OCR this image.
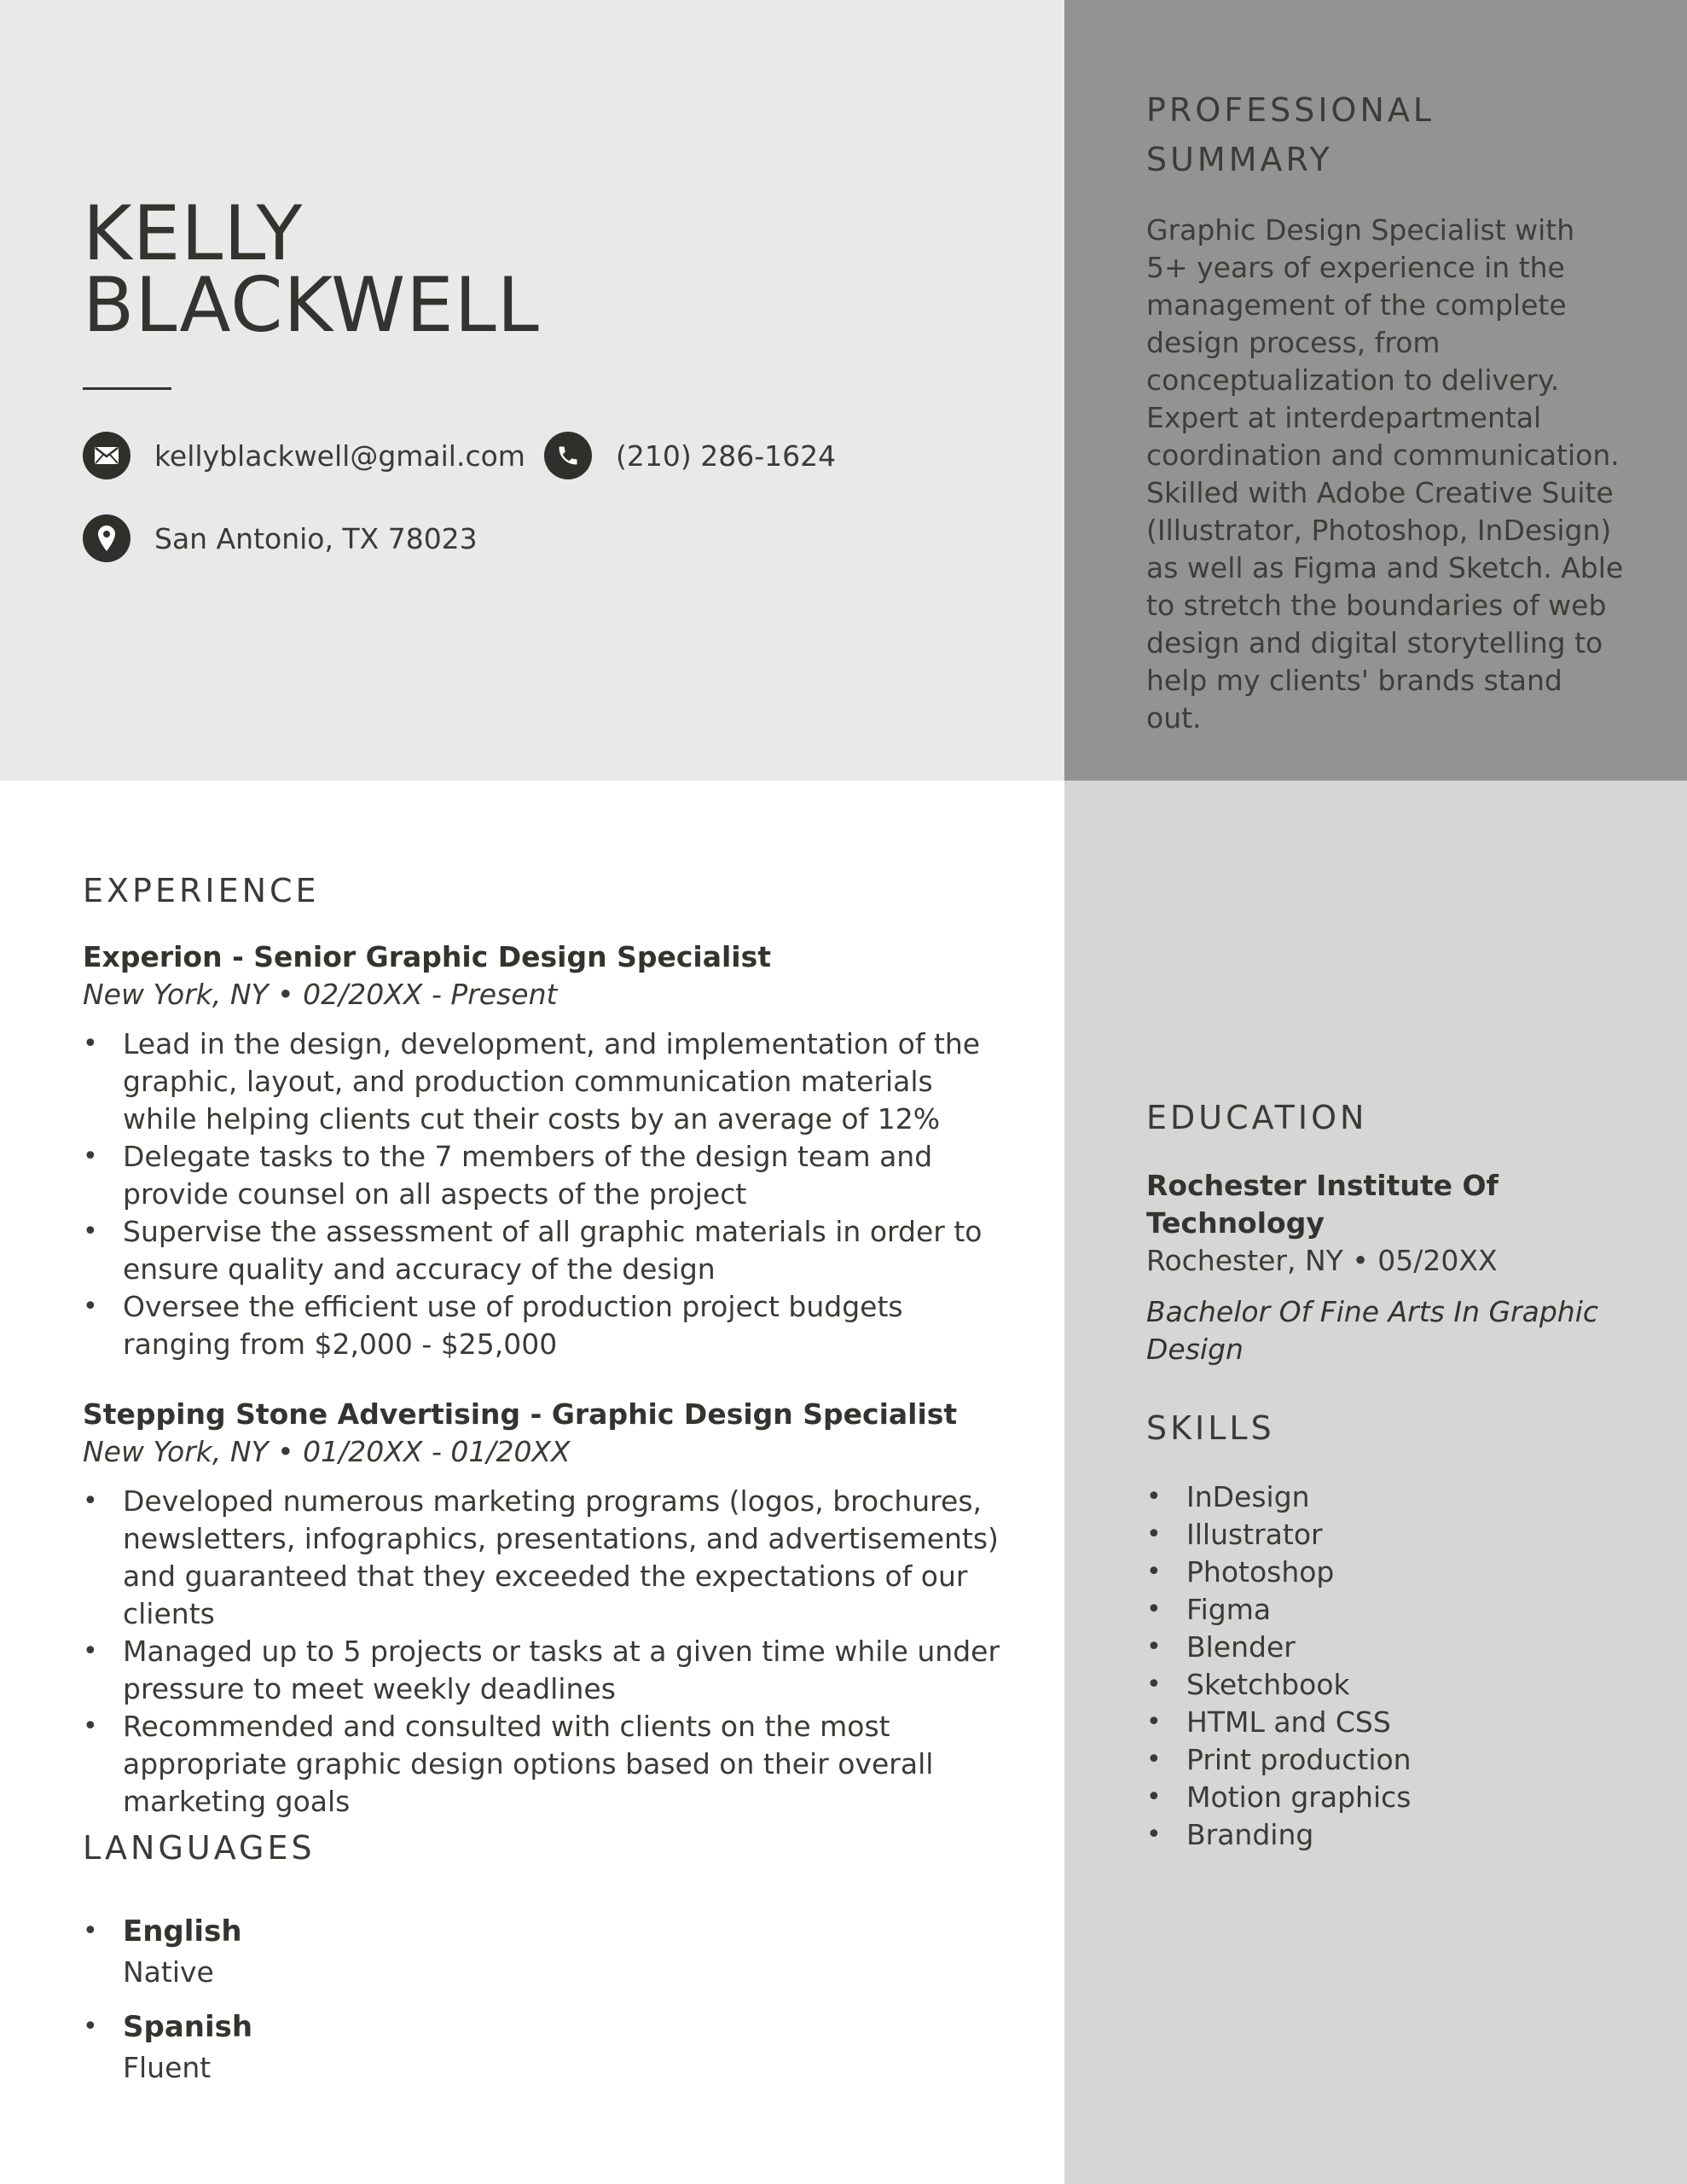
KELLY
BLACKWELL
kellyblackwell@gmail.com	(210) 286-1624
San Antonio, TX 78023
PROFESSIONAL SUMMARY

Graphic Design Specialist with 5+ years of experience in the management of the complete design process, from conceptualization to delivery. Expert at interdepartmental coordination and communication. Skilled with Adobe Creative Suite (Illustrator, Photoshop, InDesign) as well as Figma and Sketch. Able to stretch the boundaries of web design and digital storytelling to help my clients' brands stand out.

EXPERIENCE
Experion - Senior Graphic Design Specialist
New York, NY • 02/20XX - Present
• Lead in the design, development, and implementation of the graphic, layout, and production communication materials while helping clients cut their costs by an average of 12%
• Delegate tasks to the 7 members of the design team and provide counsel on all aspects of the project
• Supervise the assessment of all graphic materials in order to ensure quality and accuracy of the design
• Oversee the efficient use of production project budgets ranging from $2,000 - $25,000
Stepping Stone Advertising - Graphic Design Specialist
New York, NY • 01/20XX - 01/20XX
• Developed numerous marketing programs (logos, brochures, newsletters, infographics, presentations, and advertisements) and guaranteed that they exceeded the expectations of our clients
• Managed up to 5 projects or tasks at a given time while under pressure to meet weekly deadlines
• Recommended and consulted with clients on the most appropriate graphic design options based on their overall marketing goals
LANGUAGES
• English
Native
• Spanish
Fluent
EDUCATION
Rochester Institute Of Technology
Rochester, NY • 05/20XX
Bachelor Of Fine Arts In Graphic Design
SKILLS
• InDesign
• Illustrator
• Photoshop
• Figma
• Blender
• Sketchbook
• HTML and CSS
• Print production
• Motion graphics
• Branding
